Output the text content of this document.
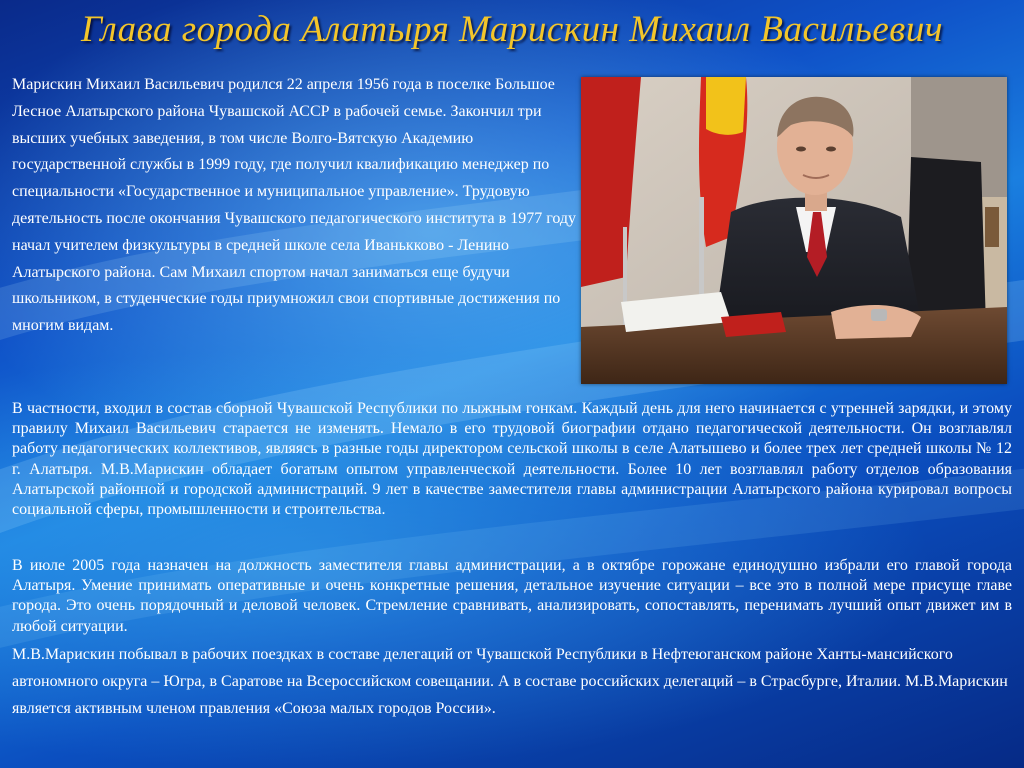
Глава города Алатыря Марискин Михаил Васильевич

Марискин Михаил Васильевич родился 22 апреля 1956 года в поселке Большое Лесное Алатырского района Чувашской АССР в рабочей семье. Закончил три высших учебных заведения, в том числе Волго-Вятскую Академию государственной службы в 1999 году, где получил квалификацию менеджер по специальности «Государственное и муниципальное управление». Трудовую деятельность после окончания Чувашского педагогического института в 1977 году начал учителем физкультуры в средней школе села Иванькково - Ленино Алатырского района. Сам Михаил спортом начал заниматься еще будучи школьником, в студенческие годы приумножил свои спортивные достижения по многим видам.

В частности, входил в состав сборной Чувашской Республики по лыжным гонкам. Каждый день для него начинается с утренней зарядки, и этому правилу Михаил Васильевич старается не изменять. Немало в его трудовой биографии отдано педагогической деятельности. Он возглавлял работу педагогических коллективов, являясь в разные годы директором сельской школы в селе Алатышево и более трех лет средней школы № 12 г. Алатыря. М.В.Марискин обладает богатым опытом управленческой деятельности. Более 10 лет возглавлял работу отделов образования Алатырской районной и городской администраций. 9 лет в качестве заместителя главы администрации Алатырского района курировал вопросы социальной сферы, промышленности и строительства.

В июле 2005 года назначен на должность заместителя главы администрации, а в октябре горожане единодушно избрали его главой города Алатыря. Умение принимать оперативные и очень конкретные решения, детальное изучение ситуации – все это в полной мере присуще главе города. Это очень порядочный и деловой человек. Стремление сравнивать, анализировать, сопоставлять, перенимать лучший опыт движет им в любой ситуации.

М.В.Марискин побывал в рабочих поездках в составе делегаций от Чувашской Республики в Нефтеюганском районе Ханты-мансийского автономного округа – Югра, в Саратове на Всероссийском совещании. А в составе российских делегаций – в Страсбурге, Италии. М.В.Марискин является активным членом правления «Союза малых городов России».
